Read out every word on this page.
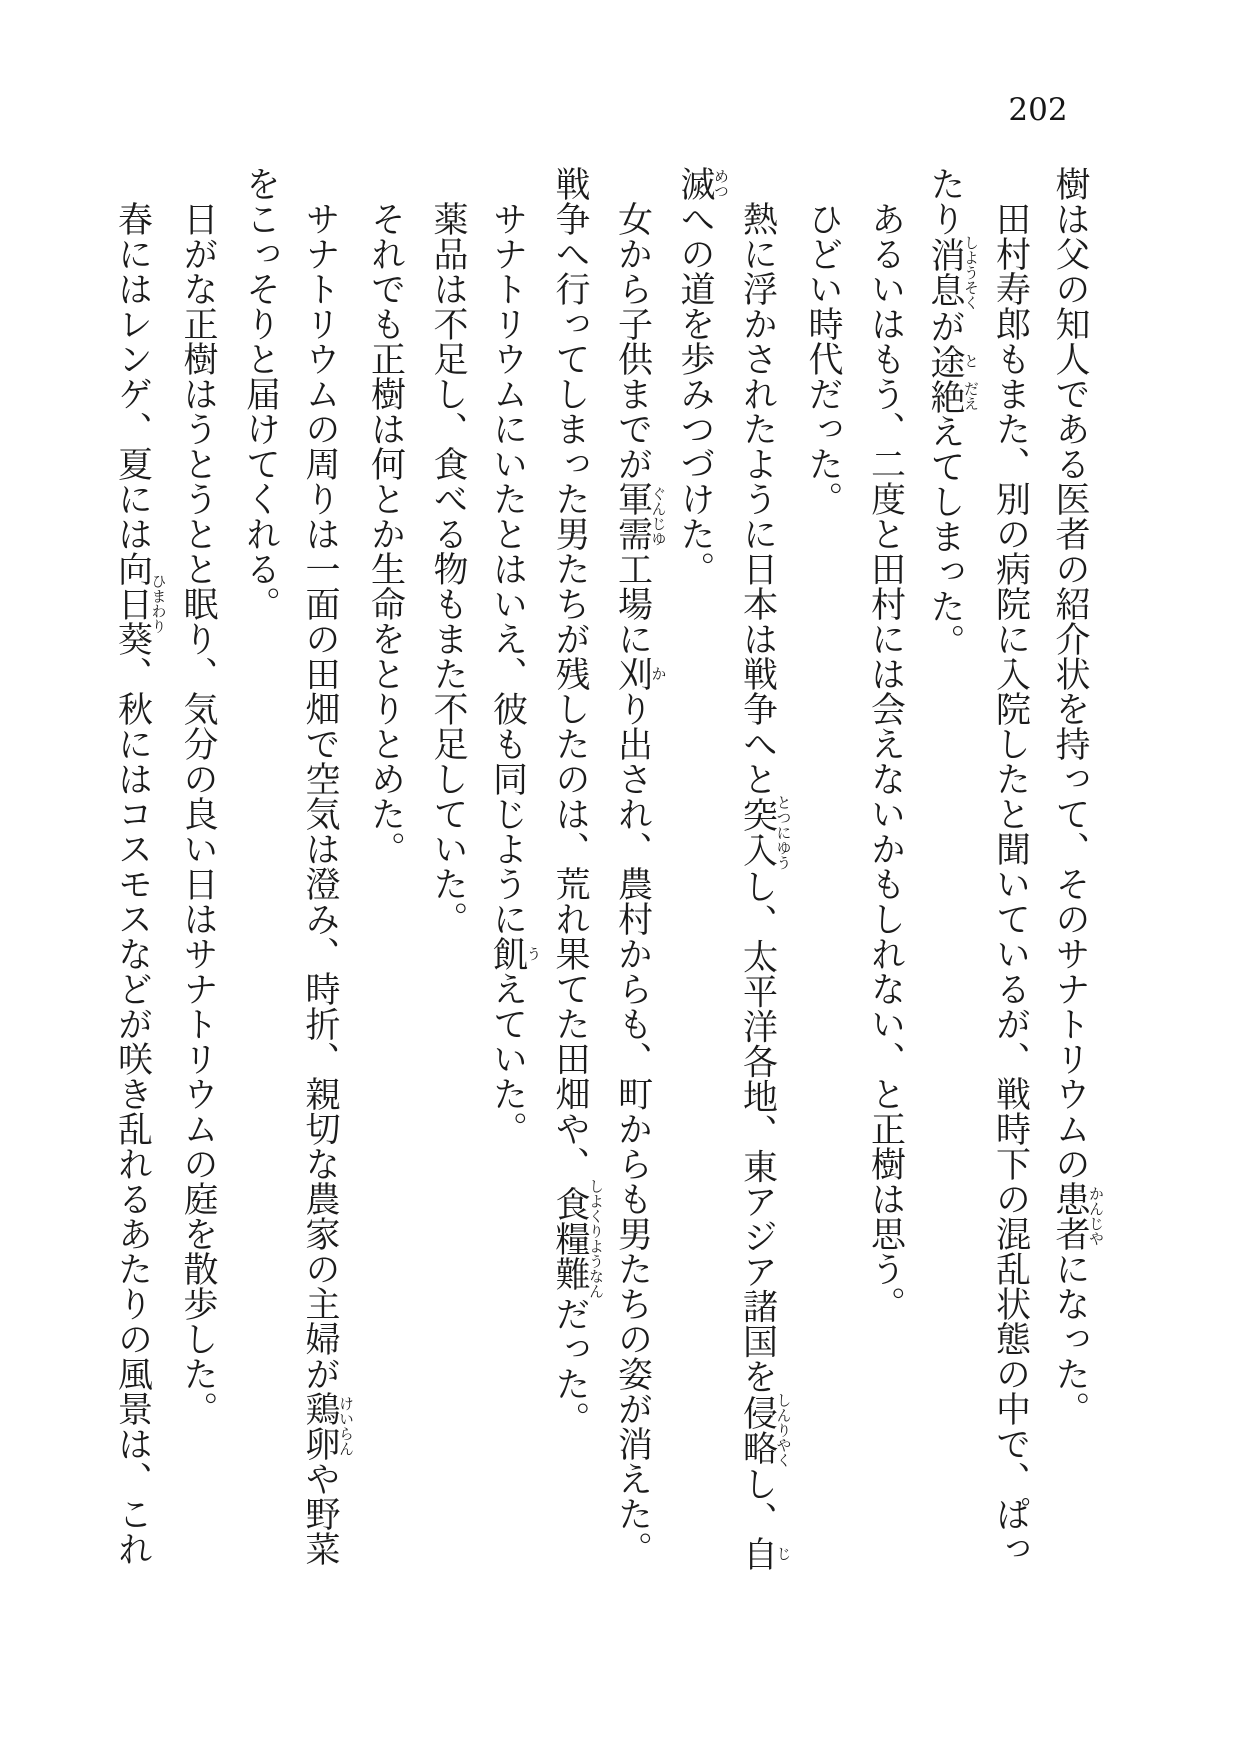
202
樹は父の知人である医者の紹介状を持って、そのサナトリウムの患者かんじやになった。
田村寿郎もまた、別の病院に入院したと聞いているが、戦時下の混乱状態の中で、ぱっ
たり消息しようそくが途と絶だええてしまった。
あるいはもう、二度と田村には会えないかもしれない、と正樹は思う。
ひどい時代だった。
熱に浮かされたように日本は戦争へと突入とつにゆうし、太平洋各地、東アジア諸国を侵略しんりやくし、自じ
滅めつへの道を歩みつづけた。
女から子供までが軍需ぐんじゆ工場に刈かり出され、農村からも、町からも男たちの姿が消えた。
戦争へ行ってしまった男たちが残したのは、荒れ果てた田畑や、食糧難しよくりようなんだった。
サナトリウムにいたとはいえ、彼も同じように飢うえていた。
薬品は不足し、食べる物もまた不足していた。
それでも正樹は何とか生命をとりとめた。
サナトリウムの周りは一面の田畑で空気は澄み、時折、親切な農家の主婦が鶏卵けいらんや野菜
をこっそりと届けてくれる。
日がな正樹はうとうとと眠り、気分の良い日はサナトリウムの庭を散歩した。
春にはレンゲ、夏には向日葵ひまわり、秋にはコスモスなどが咲き乱れるあたりの風景は、これ
